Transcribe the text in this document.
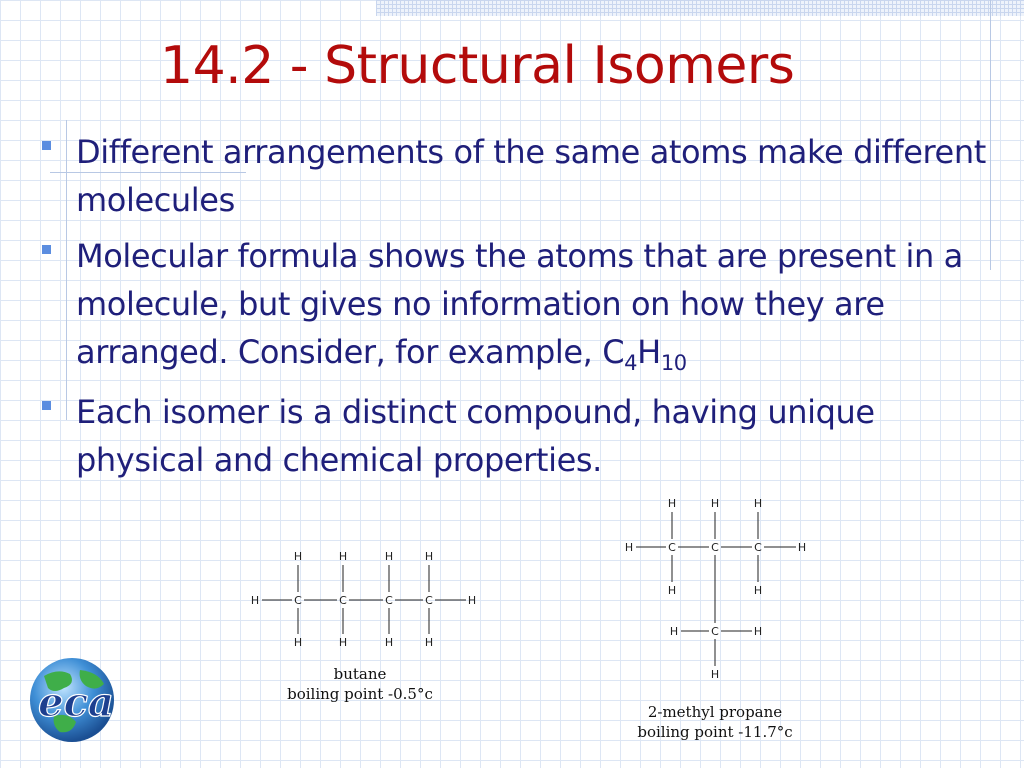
14.2 - Structural Isomers
Different arrangements of the same atoms make different molecules
Molecular formula shows the atoms that are present in a molecule, but gives no information on how they are arranged. Consider, for example, $C_4H_{10}$
Each isomer is a distinct compound, having unique physical and chemical properties.
H	C
H
H
C
H
H
C
H
H
C
H
H
H
butane
boiling point -0.5°c
H	C
H
H
C
H
C
H
H
H
C
H	H
H
2-methyl propane
boiling point -11.7°c
eca
